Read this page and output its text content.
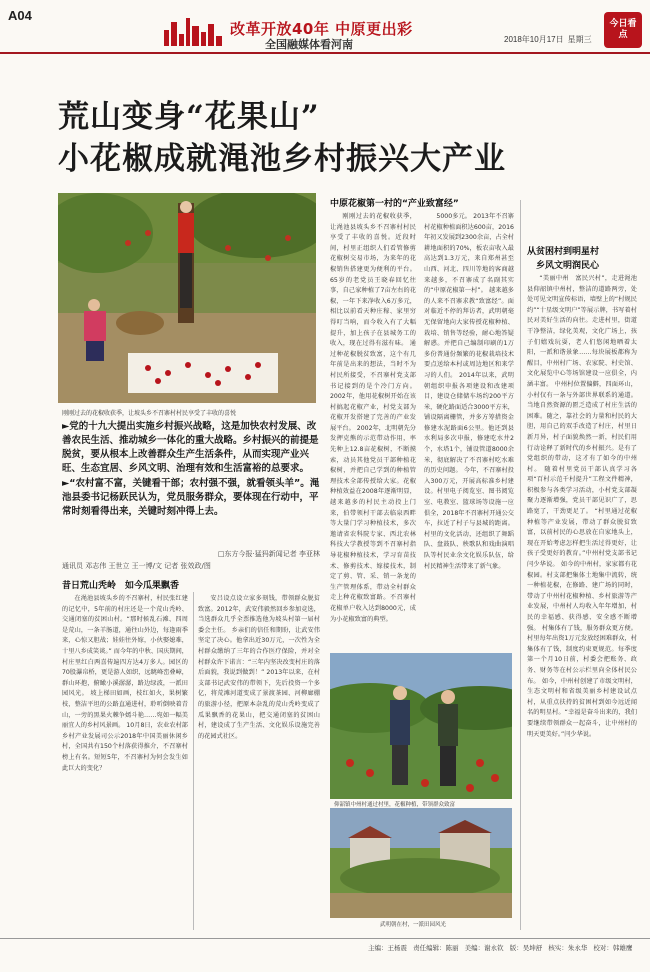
A04
改革开放40年 中原更出彩
全国融媒体看河南	2018年10月17日 星期三
今日看点
荒山变身“花果山”
小花椒成就渑池乡村振兴大产业
刚刚过去的花椒收获季，让坡头乡不召寨村村民享受了丰收的喜悦

►党的十九大提出实施乡村振兴战略，这是加快农村发展、改善农民生活、推动城乡一体化的重大战略。乡村振兴的前提是脱贫，要从根本上改善群众生产生活条件，从而实现产业兴旺、生态宜居、乡风文明、治理有效和生活富裕的总要求。

►“农村富不富，关键看干部；农村强不强，就看领头羊”。渑池县委书记杨跃民认为，党员服务群众，要体现在行动中，平常时刻看得出来，关键时刻冲得上去。

□东方今报·猛犸新闻记者 李亚林
通讯员 邓志伟 王世立 王一博/文 记者 张效政/图
昔日荒山秃岭　如今瓜果飘香

在渑池县坡头乡的不召寨村，村民张红建的记忆中，5年前的村庄还是一个荒山秃岭、交通闭塞的贫困山村。“那时候乱石滩、四周是荒山，一条羊肠道，通往山外边，每逢雨季来，心惊又胆战；娃娃往外嫁，小伙娶媳难，十里八乡成笑谈。” 而今年的中秋、国庆期间，村庄里红白两喜传遍四方达4万多人。园区的70股瀑帛桥，更是游人如织，远眺峰峦叠嶂，群山环抱，俯瞰小溪潺潺，路边绿波，一派田园风光。 坡上梯田如画，枝红如火，果树繁枝，整洁平坦的公路直通进村，聆听倒映着青山，一旁的黑果火棘争嫣斗艳……宛如一幅美丽宜人的乡村风景画。 10月8日，农业农村部乡村产业发展司公示2018年中国美丽休闲乡村，全国共有150个村落获得推介，不召寨村榜上有名。短短5年，不召寨村为何会发生如此巨大的变化？

安吕设点设立家多刻钱，带领群众脱贫致富。2012年，武安伟毅然回乡参加竞选，当选群众几乎全票推选他为坡头村第一届村委会主任。 乡亲们的信任和期盼，让武安伟坚定了决心。他拿出近30万元，一次性为全村群众缴纳了三年的合作医疗保险，并对全村群众许下诺言：“三年内坚决改变村庄的落后面貌，我说到做到！” 2013年以来，在村支部书记武安伟的带领下，先后投资一个多亿，将荒滩河道变成了景渡茶园、河柳廊棚的旅游小径，把原本杂乱的荒山秃岭变成了瓜果飘香的花果山，把交通闭塞的贫困山村，建设成了生产生活、文化娱乐设施完善的花园式社区。

中原花椒第一村的“产业致富经”

刚刚过去的花椒收获季，让渑池县坡头乡不召寨村村民享受了丰收的喜悦。近段时间，村里正组织人们看管修剪花椒树交易市场，为来年的花椒销售搭建更为便利的平台。 65岁的老党员王晓春回忆往事，自己家种植了7亩左右的花椒，一年下来净收入6万多元，相比以前看天种庄稼、家里穷得叮当响，而今收入有了大幅提升，加上孩子在县城务工的收入，现在过得有滋有味。 通过种花椒脱贫致富，这个有几年前是出来的想法，当时不为村民所接受，不召寨村党支部书记接到的是个冷门方向。2002年，他用花椒树开始在该村搞起花椒产业，村党支部为花椒开发搭建了完善的产业发展平台。 2002年，北明朝先分发押克熊的示范带动作用，率先种上12.8亩花椒树，不断摸索，动员其他党员干部种植花椒树，并把自己学到的种植管理技术全部传授给大家。花椒种植效益在2008年逐渐明显，越来越多的村民主动投上门来，伯带领村干部去临泉西畔等大量门学习种植技术，多次邀请省农科院专家、西北农林科技大学教授等到不召寨村指导花椒种植技术，学习育苗技术、修剪技术、嫁接技术，制定了剪、管、采、销一条龙的生产管理体系，带动全村群众走上种花椒致富路。不召寨村花椒单户收入达到8000元，成为小花椒致富的典型。

5000多元。 2013年不召寨村花椒种植面积达600亩，2016年初又发展到2300余亩，占全村耕地面积的70%，板农亩收入最高达到1.3万元，来自郑州甚至山西、河北、四川等地的客商越来越多，不召寨成了名副其实的“中原花椒第一村”。 越来越多的人来不召寨求教“致富经”。面对临近不停的拜访者，武明朝毫无保留地向大家传授花椒种植、栽培、销售等经验，耐心地答疑解惑。并把自己编制印刷的1万多份普通份频繁的花椒栽培技术要点送给本村或周边地区和来学习的人们。 2014年以来，武明朝组织申报各项建设和改建项目，建设仓储储车场约200平方米，硬化路面适合3000平方米，铺设隔离栅管，并多方筹措资金修建水泥路面6公里。他还到县水利局多次申报，修建吃水井2个，水塔1个，铺设管道8000余米，彻底解决了不召寨村吃水难的历史问题。 今年，不召寨村投入300万元，开展高标准乡村建设。村里电子阅览室、图书阅览室、电教室、篮球场等设施一应俱全，2018年不召寨村开通公交车，拉近了村子与县城的距离。村里的文化活动，还组织了舞蹈队、盘鼓队、秧歌队和戏曲演唱队等村民业余文化娱乐队伍，给村民精神生活带来了新气象。

仰韶镇中州村通过村里，花椒种植，带领群众致富
武明朝在村，一派田园风光
从贫困村到明星村
乡风文明润民心

“美丽中州　富民兴村”，走进渑池县仰韶镇中州村，整洁的道路两旁，处处可见文明宣传标语，墙壁上的“村规民约”“十星级文明户”等展示牌，书写着村民对美好生活的向往。走进村里，街道干净整洁，绿化美观，文化广场上，孩子们嬉戏玩耍，老人们悠闲地晒着太阳，一派和谐景象……每块展板都称为醒目，中州村广场、农家院、村史馆、文化展览中心等场馆建设一应俱全，内涵丰富。 中州村位置偏僻，四面环山，小村仅有一条与外部世界联系的通道。当地自然资源的匮乏造成了村庄生活的困难。随之，靠社会的力量和村民的大胆，用自己的双手改造了村庄，村里日新月异，村子面貌焕然一新，村民们用行动诠释了新时代的乡村振兴。是有了党组织的带动，这才有了如今的中州村。 随着村里党员干部认真学习各项“百村示范千村提升”工程文件精神，积极参与各类学习活动，小村党支部凝聚力逐渐增强，党员干部见识广了，思路宽了，干劲更足了。 “村里通过花椒种植等产业发展，带动了群众脱贫致富，以前村民的心思放在自家地头上，现在开始考虑怎样把生活过得更好，让孩子受更好的教育。”中州村党支部书记闫少华说。 如今的中州村，家家都有花椒园。村支部把集体土地集中流转，统一种植花椒，在修路、建广场的同时，带动了中州村花椒种植、乡村旅游等产业发展，中州村人均收入年年增加，村民的幸福感、获得感、安全感不断增强。 村集体有了钱，服务群众更方便。村里每年出资1万元发放经困难群众，村集体有了钱，制度约束更规范。每季度第一个月10日前，村委会把账务、政务、财务等在村公示栏里向全体村民公布。 如今，中州村创建了市级文明村，生态文明村和省级美丽乡村建设试点村，从重点扶持的贫困村到如今远近闻名的明星村。“幸福是奋斗出来的，我们要继续带领群众一起奋斗，让中州村的明天更美好。”闫少华说。

主编：王杨震 责任编辑：陈丽 美编：谢永钦 版：吴坤舒 核实：朱永华 校对：韩雄鹰
